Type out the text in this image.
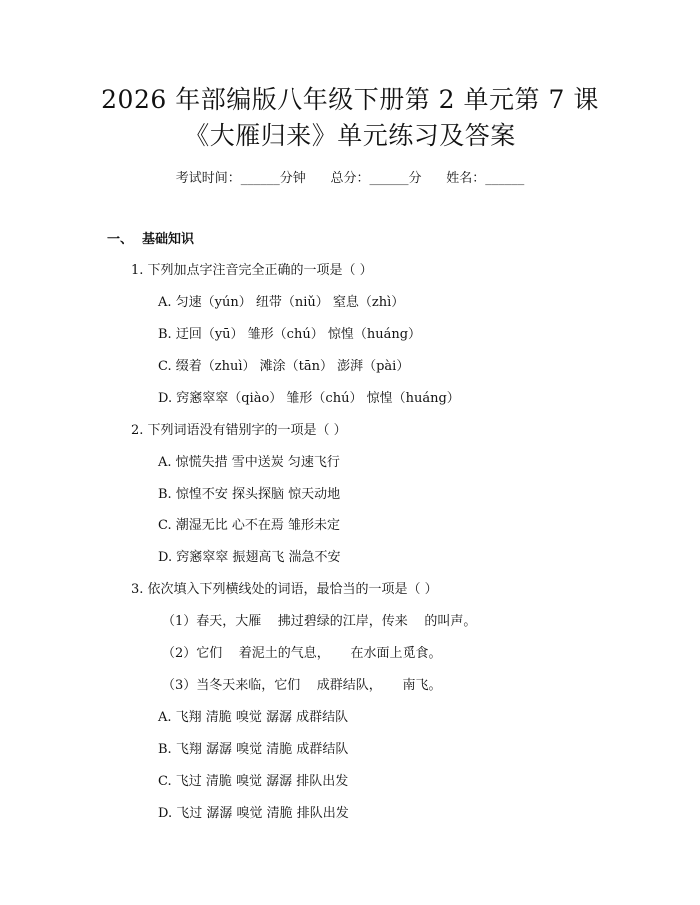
2026 年部编版八年级下册第 2 单元第 7 课
《大雁归来》单元练习及答案
考试时间：______分钟      总分：______分      姓名：______
一、  基础知识
1. 下列加点字注音完全正确的一项是（ ）
A. 匀速（yún） 纽带（niǔ） 窒息（zhì）
B. 迂回（yū） 雏形（chú） 惊惶（huáng）
C. 缀着（zhuì） 滩涂（tān） 澎湃（pài）
D. 窍窸窣窣（qiào） 雏形（chú） 惊惶（huáng）
2. 下列词语没有错别字的一项是（ ）
A. 惊慌失措 雪中送炭 匀速飞行
B. 惊惶不安 探头探脑 惊天动地
C. 潮湿无比 心不在焉 雏形未定
D. 窍窸窣窣 振翅高飞 湍急不安
3. 依次填入下列横线处的词语，最恰当的一项是（ ）
（1）春天，大雁    拂过碧绿的江岸，传来    的叫声。
（2）它们    着泥土的气息，     在水面上觅食。
（3）当冬天来临，它们    成群结队，     南飞。
A. 飞翔 清脆 嗅觉 潺潺 成群结队
B. 飞翔 潺潺 嗅觉 清脆 成群结队
C. 飞过 清脆 嗅觉 潺潺 排队出发
D. 飞过 潺潺 嗅觉 清脆 排队出发
